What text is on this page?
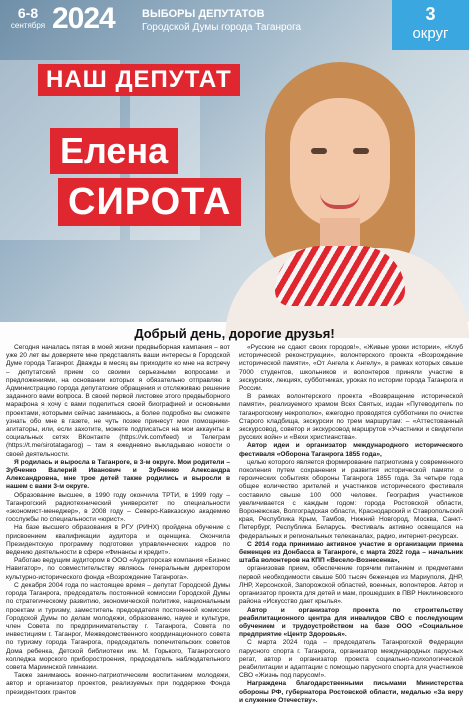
6-8
сентября 2024 ВЫБОРЫ ДЕПУТАТОВ
Городской Думы города Таганрога
3
округ
НАШ ДЕПУТАТ
Елена
СИРОТА
Добрый день, дорогие друзья!

Сегодня началась пятая в моей жизни предвыборная кампания – вот уже 20 лет вы доверяете мне представлять ваши интересы в Городской Думе города Таганрог. Дважды в месяц вы приходите ко мне на встречу – депутатский прием со своими серьезными вопросами и предложениями, на основании которых я обязательно отправляю в Администрацию города депутатские обращения и отслеживаю решение заданного вами вопроса. В своей первой листовке этого предвыборного марафона я хочу с вами поделиться своей биографией и основными проектами, которыми сейчас занимаюсь, а более подробно вы сможете узнать обо мне в газете, не чуть позже принесут мои помощники-агитаторы, или, если захотите, можете подписаться на мои аккаунты в социальных сетях ВКонтакте (https://vk.com/feed) и Телеграм (https://t.me/sirotatagarog) – там я ежедневно выкладываю новости о своей деятельности.

Я родилась и выросла в Таганроге, в 3-м округе. Мои родители – Зубченко Валерий Иванович и Зубченко Александра Александровна, мне трое детей также родились и выросли в нашем с вами 3-м округе.

Образование высшее, в 1990 году окончила ТРТИ, в 1999 году – Таганрогский радиотехнический университет по специальности «экономист-менеджер», в 2008 году – Северо-Кавказскую академию госслужбы по специальности «юрист».

На базе высшего образования в РГУ (РИНХ) пройдена обучение с присвоением квалификации аудитора и оценщика. Окончила Президентскую программу подготовки управленческих кадров по ведению деятельности в сфере «Финансы и кредит».

Работаю ведущим аудитором в ООО «Аудиторская компания «Бизнес Навигатор», по совместительству являюсь генеральным директором культурно-исторического фонда «Возрождение Таганрога».

С декабря 2004 года по настоящее время – депутат Городской Думы города Таганрога, председатель постоянной комиссии Городской Думы по стратегическому развитию, экономической политике, национальным проектам и туризму, заместитель председателя постоянной комиссии Городской Думы по делам молодежи, образованию, науке и культуре, член Совета по предпринимательству г. Таганрога, Совета по инвестициям г. Таганрог, Межведомственного координационного совета по туризму города Таганрога, председатель попечительских советов Дома ребенка, Детской библиотеки им. М. Горького, Таганрогского колледжа морского приборостроения, председатель наблюдательного совета Мариинской гимназии.

Также занимаюсь военно-патриотическим воспитанием молодежи, автор и организатор проектов, реализуемых при поддержке Фонда президентских грантов

«Русские не сдают своих городов!», «Живые уроки истории», «Клуб исторической реконструкции», волонтерского проекта «Возрождение исторической памяти», «От Ангела к Ангелу», в рамках которых свыше 7000 студентов, школьников и волонтеров приняли участие в экскурсиях, лекциях, субботниках, уроках по истории города Таганрога и России.

В рамках волонтерского проекта «Возвращение исторической памяти», реализуемого храмом Всех Святых, издан «Путеводитель по таганрогскому некрополю», ежегодно проводятся субботники по очистке Старого кладбища, экскурсии по трем маршрутам: – «Аттестованный экскурсовод, советор и экскурсовод маршрутов «Участники и свидетели русских войн» и «Вехи христианства».

Автор идеи и организатор международного исторического фестиваля «Оборона Таганрога 1855 года»,

целью которого является формирование патриотизма у современного поколения путем сохранения и развития исторической памяти о героических событиях обороны Таганрога 1855 года. За четыре года общее количество зрителей и участников исторического фестиваля составило свыше 100 000 человек. География участников увеличивается с каждым годом: города Ростовской области, Воронежская, Волгоградская области, Краснодарский и Ставропольский края, Республика Крым, Тамбов, Нижний Новгород, Москва, Санкт-Петербург, Республика Беларусь. Фестиваль активно освещался на федеральных и региональных телеканалах, радио, интернет-ресурсах.

С 2014 года принимаю активное участие в организации приема беженцев из Донбасса в Таганроге, с марта 2022 года – начальник штаба волонтеров на КПП «Весело-Вознесенка»,

организовав прием, обеспечение горячим питанием и предметами первой необходимости свыше 500 тысяч беженцев из Мариуполя, ДНР, ЛНР, Херсонской, Запорожской областей, военных, волонтеров. Автор и организатор проекта для детей и мам, прошедших в ПВР Неклиновского района «Искусство дает крылья».

Автор и организатор проекта по строительству реабилитационного центра для инвалидов СВО с последующим обучением и трудоустройством на базе ООО «Социальное предприятие «Центр Здоровья».

С марта 2024 года – председатель Таганрогской Федерации парусного спорта г. Таганрога, организатор международных парусных регат, автор и организатор проекта социально-психологической реабилитации и адаптации с помощью парусного спорта для участников СВО «Жизнь под парусом!».

Награждена благодарственными письмами Министерства обороны РФ, губернатора Ростовской области, медалью «За веру и служение Отечеству».

ОБРАЗЕЦ
